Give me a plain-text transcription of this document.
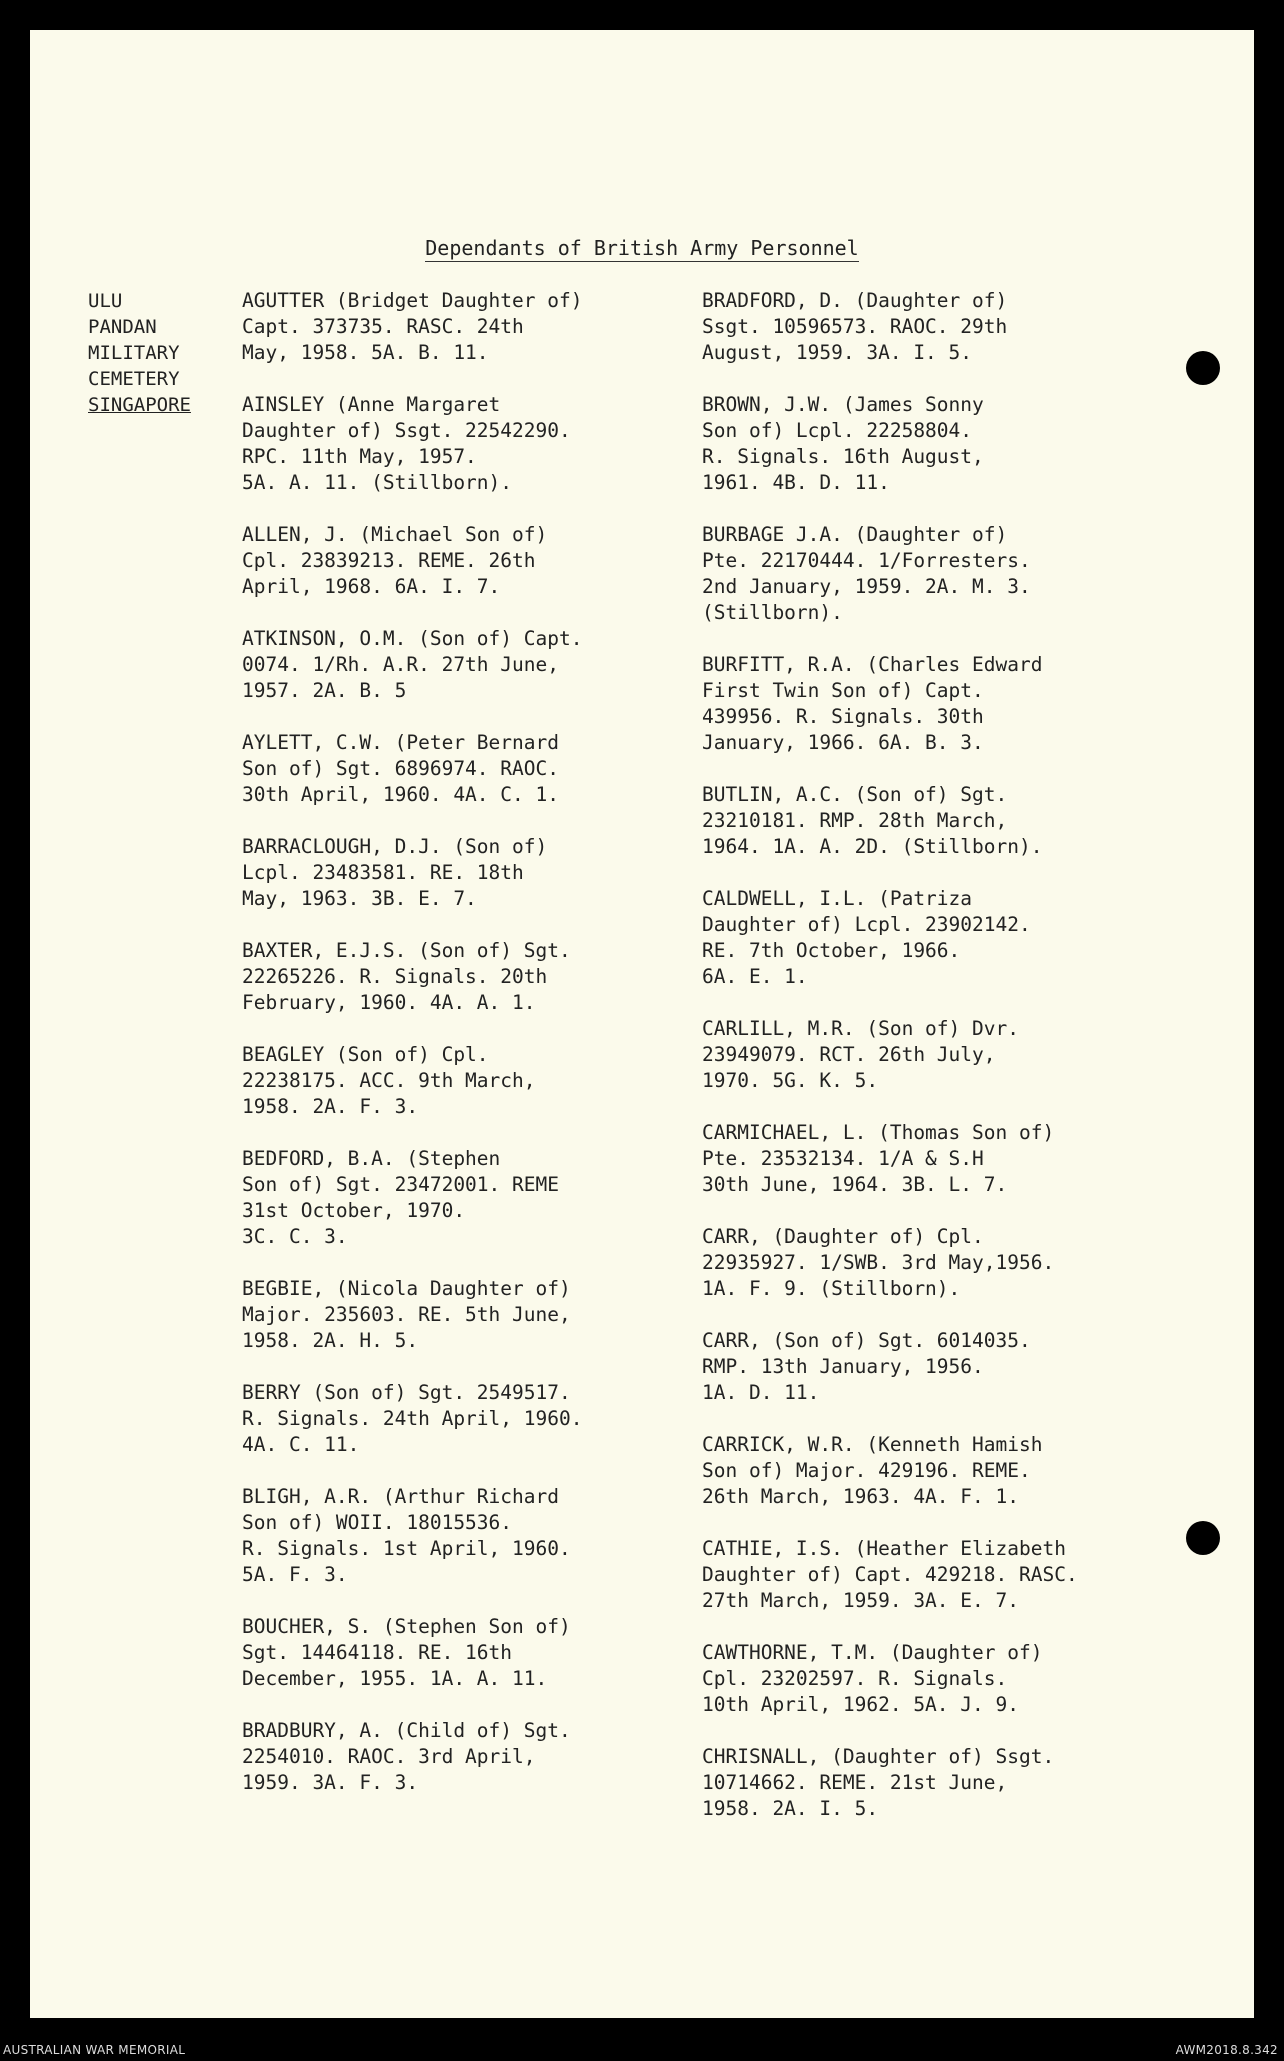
Dependants of British Army Personnel
ULU
PANDAN
MILITARY
CEMETERY
SINGAPORE
AGUTTER (Bridget Daughter of)
Capt. 373735. RASC. 24th
May, 1958. 5A. B. 11.
AINSLEY (Anne Margaret
Daughter of) Ssgt. 22542290.
RPC. 11th May, 1957.
5A. A. 11. (Stillborn).
ALLEN, J. (Michael Son of)
Cpl. 23839213. REME. 26th
April, 1968. 6A. I. 7.
ATKINSON, O.M. (Son of) Capt.
0074. 1/Rh. A.R. 27th June,
1957. 2A. B. 5
AYLETT, C.W. (Peter Bernard
Son of) Sgt. 6896974. RAOC.
30th April, 1960. 4A. C. 1.
BARRACLOUGH, D.J. (Son of)
Lcpl. 23483581. RE. 18th
May, 1963. 3B. E. 7.
BAXTER, E.J.S. (Son of) Sgt.
22265226. R. Signals. 20th
February, 1960. 4A. A. 1.
BEAGLEY (Son of) Cpl.
22238175. ACC. 9th March,
1958. 2A. F. 3.
BEDFORD, B.A. (Stephen
Son of) Sgt. 23472001. REME
31st October, 1970.
3C. C. 3.
BEGBIE, (Nicola Daughter of)
Major. 235603. RE. 5th June,
1958. 2A. H. 5.
BERRY (Son of) Sgt. 2549517.
R. Signals. 24th April, 1960.
4A. C. 11.
BLIGH, A.R. (Arthur Richard
Son of) WOII. 18015536.
R. Signals. 1st April, 1960.
5A. F. 3.
BOUCHER, S. (Stephen Son of)
Sgt. 14464118. RE. 16th
December, 1955. 1A. A. 11.
BRADBURY, A. (Child of) Sgt.
2254010. RAOC. 3rd April,
1959. 3A. F. 3.
BRADFORD, D. (Daughter of)
Ssgt. 10596573. RAOC. 29th
August, 1959. 3A. I. 5.
BROWN, J.W. (James Sonny
Son of) Lcpl. 22258804.
R. Signals. 16th August,
1961. 4B. D. 11.
BURBAGE J.A. (Daughter of)
Pte. 22170444. 1/Forresters.
2nd January, 1959. 2A. M. 3.
(Stillborn).
BURFITT, R.A. (Charles Edward
First Twin Son of) Capt.
439956. R. Signals. 30th
January, 1966. 6A. B. 3.
BUTLIN, A.C. (Son of) Sgt.
23210181. RMP. 28th March,
1964. 1A. A. 2D. (Stillborn).
CALDWELL, I.L. (Patriza
Daughter of) Lcpl. 23902142.
RE. 7th October, 1966.
6A. E. 1.
CARLILL, M.R. (Son of) Dvr.
23949079. RCT. 26th July,
1970. 5G. K. 5.
CARMICHAEL, L. (Thomas Son of)
Pte. 23532134. 1/A & S.H
30th June, 1964. 3B. L. 7.
CARR, (Daughter of) Cpl.
22935927. 1/SWB. 3rd May,1956.
1A. F. 9. (Stillborn).
CARR, (Son of) Sgt. 6014035.
RMP. 13th January, 1956.
1A. D. 11.
CARRICK, W.R. (Kenneth Hamish
Son of) Major. 429196. REME.
26th March, 1963. 4A. F. 1.
CATHIE, I.S. (Heather Elizabeth
Daughter of) Capt. 429218. RASC.
27th March, 1959. 3A. E. 7.
CAWTHORNE, T.M. (Daughter of)
Cpl. 23202597. R. Signals.
10th April, 1962. 5A. J. 9.
CHRISNALL, (Daughter of) Ssgt.
10714662. REME. 21st June,
1958. 2A. I. 5.
AUSTRALIAN WAR MEMORIAL	AWM2018.8.342
